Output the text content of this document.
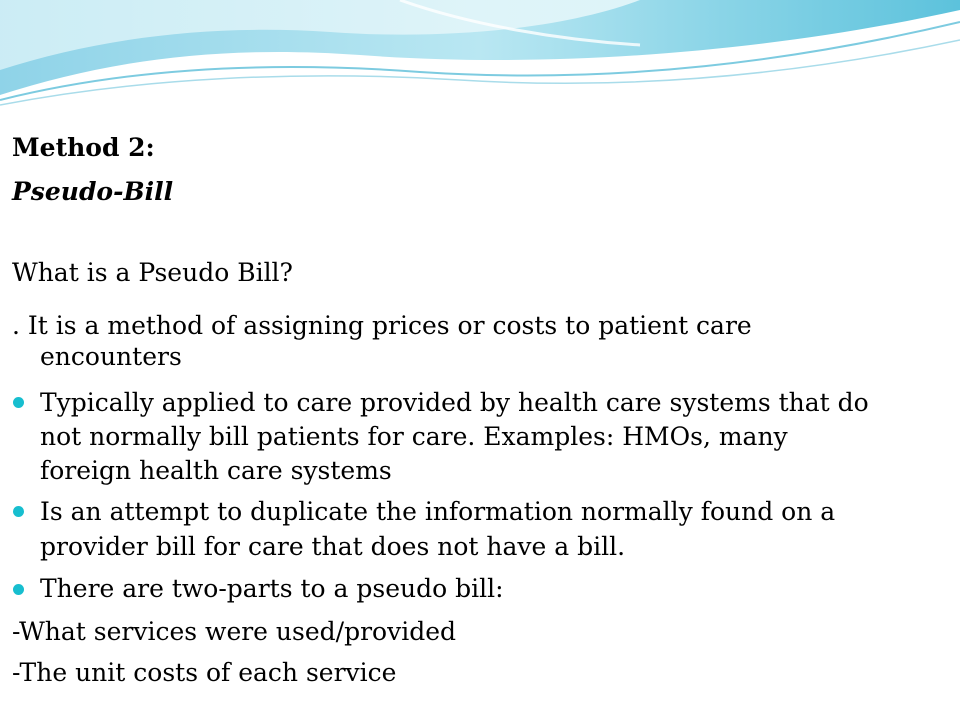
Method 2:
Pseudo-Bill
What is a Pseudo Bill?
. It is a method of assigning prices or costs to patient care
encounters
Typically applied to care provided by health care systems that do
not normally bill patients for care. Examples: HMOs, many
foreign health care systems
Is an attempt to duplicate the information normally found on a
provider bill for care that does not have a bill.
There are two-parts to a pseudo bill:
-What services were used/provided
-The unit costs of each service
